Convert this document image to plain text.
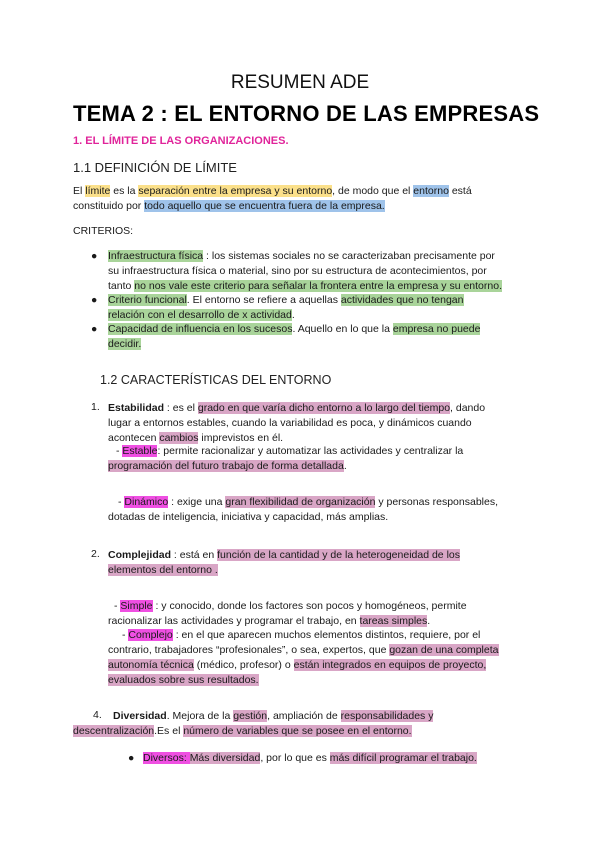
RESUMEN ADE
TEMA 2 : EL ENTORNO DE LAS EMPRESAS
1. EL LÍMITE DE LAS ORGANIZACIONES.
1.1 DEFINICIÓN DE LÍMITE
El límite es la separación entre la empresa y su entorno, de modo que el entorno está
constituido por todo aquello que se encuentra fuera de la empresa.
CRITERIOS:
● Infraestructura física : los sistemas sociales no se caracterizaban precisamente por
su infraestructura física o material, sino por su estructura de acontecimientos, por
tanto no nos vale este criterio para señalar la frontera entre la empresa y su entorno.
● Criterio funcional. El entorno se refiere a aquellas actividades que no tengan
relación con el desarrollo de x actividad.
● Capacidad de influencia en los sucesos. Aquello en lo que la empresa no puede
decidir.
1.2 CARACTERÍSTICAS DEL ENTORNO
1. Estabilidad : es el grado en que varía dicho entorno a lo largo del tiempo, dando
lugar a entornos estables, cuando la variabilidad es poca, y dinámicos cuando
acontecen cambios imprevistos en él.
- Estable: permite racionalizar y automatizar las actividades y centralizar la
programación del futuro trabajo de forma detallada.
- Dinámico : exige una gran flexibilidad de organización y personas responsables,
dotadas de inteligencia, iniciativa y capacidad, más amplias.
2. Complejidad : está en función de la cantidad y de la heterogeneidad de los
elementos del entorno .
- Simple : y conocido, donde los factores son pocos y homogéneos, permite
racionalizar las actividades y programar el trabajo, en tareas simples.
- Complejo : en el que aparecen muchos elementos distintos, requiere, por el
contrario, trabajadores “profesionales”, o sea, expertos, que gozan de una completa
autonomía técnica (médico, profesor) o están integrados en equipos de proyecto,
evaluados sobre sus resultados.
4.	Diversidad. Mejora de la gestión, ampliación de responsabilidades y
descentralización.Es el número de variables que se posee en el entorno.
● Diversos: Más diversidad, por lo que es más difícil programar el trabajo.
